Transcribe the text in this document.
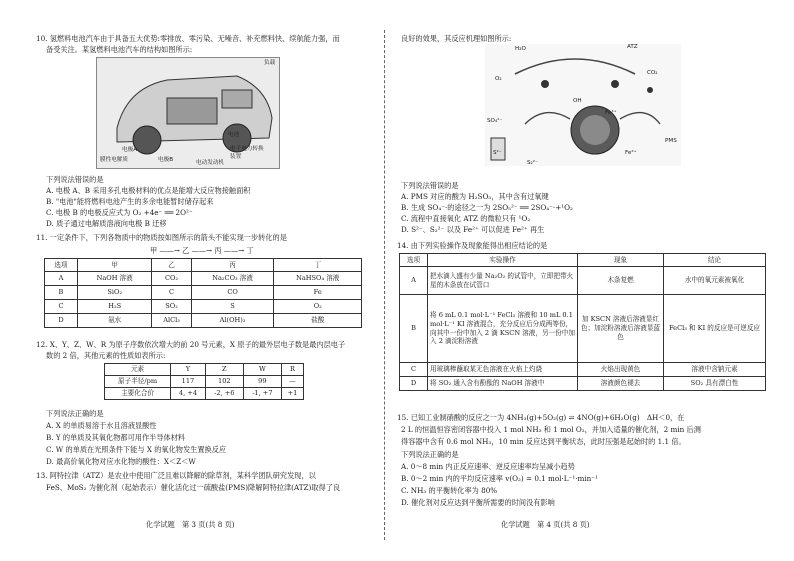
10. 氢燃料电池汽车由于具备五大优势:零排放、零污染、无噪音、补充燃料快、续航能力强，而
备受关注。某氢燃料电池汽车的结构如图所示:
负载
电池
电极A
膜性电解质	电极B	电动发动机
电子电力转换装置
下列说法错误的是
A. 电极 A、B 采用多孔电极材料的优点是能增大反应物接触面积
B. "电池"能将燃料电池产生的多余电能暂时储存起来
C. 电极 B 的电极反应式为 O₂ +4e⁻ ══ 2O²⁻
D. 质子通过电解质溶液向电极 B 迁移
11. 一定条件下，下列各物质中的物质按如图所示的箭头不能实现一步转化的是
甲 ——→ 乙 ——→ 丙 ——→ 丁
选项	甲	乙	丙	丁
A	NaOH 溶液	CO₂	Na₂CO₃ 溶液	NaHSO₄ 溶液
B	SiO₂	C	CO	Fe
C	H₂S	SO₂	S	O₂
D	氨水	AlCl₃	Al(OH)₃	盐酸
12. X、Y、Z、W、R 为原子序数依次增大的前 20 号元素，X 原子的最外层电子数是最内层电子
数的 2 倍，其他元素的性质如表所示:
元素	Y	Z	W	R
原子半径/pm	117	102	99	—
主要化合价	4, +4	-2, +6	-1, +7	+1
下列说法正确的是
A. X 的单质易溶于水且溶液显酸性
B. Y 的单质及其氧化物都可用作半导体材料
C. W 的单质在光照条件下能与 X 的氧化物发生置换反应
D. 最高价氧化物对应水化物的酸性：X＜Z＜W
13. 阿特拉津（ATZ）是农业中使用广泛且难以降解的除草剂，某科学团队研究发现，以
FeS、MoS₂ 为催化剂（起始表示）催化活化过一硫酸盐(PMS)降解阿特拉津(ATZ)取得了良
化学试题　第 3 页(共 8 页)
良好的效果，其反应机理如图所示:
H₂O	ATZ
CO₂
O₂
SO₄²⁻
PMS
S²⁻
Fe³⁺
Fe²⁺
S₂²⁻
OH
下列说法错误的是
A. PMS 对应的酸为 H₂SO₅，其中含有过氧键
B. 生成 SO₄⁻·的途径之一为 2SO₅²⁻ ══ 2SO₄⁻·+¹O₂
C. 流程中直接氧化 ATZ 的微粒只有 ¹O₂
D. S²⁻、S₂²⁻ 以及 Fe²⁺ 可以促进 Fe²⁺ 再生
14. 由下列实验操作及现象能得出相应结论的是
选项	实验操作	现象	结论
A	把水滴入盛有少量 Na₂O₂ 的试管中，立即把带火星的木条放在试管口	木条复燃	水中的氧元素被氧化
B	将 6 mL 0.1 mol·L⁻¹ FeCl₃ 溶液和 10 mL 0.1 mol·L⁻¹ KI 溶液混合，充分反应后分成两等份，向其中一份中加入 2 滴 KSCN 溶液，另一份中加入 2 滴淀粉溶液	加 KSCN 溶液后溶液显红色；加淀粉溶液后溶液显蓝色	FeCl₃ 和 KI 的反应是可逆反应
C	用玻璃棒蘸取某无色溶液在火焰上灼烧	火焰出现黄色	溶液中含钠元素
D	将 SO₂ 通入含有酚酞的 NaOH 溶液中	溶液颜色褪去	SO₂ 具有漂白性
15. 已知工业制硝酸的反应之一为 4NH₃(g)+5O₂(g) ⇌ 4NO(g)+6H₂O(g)　ΔH＜0，在
2 L 的恒温恒容密闭容器中投入 1 mol NH₃ 和 1 mol O₂，并加入适量的催化剂，2 min 后测
得容器中含有 0.6 mol NH₃，10 min 反应达到平衡状态，此时压强是起始时的 1.1 倍。
下列说法正确的是
A. 0～8 min 内正反应速率、逆反应速率均呈减小趋势
B. 0～2 min 内的平均反应速率 v(O₂) = 0.1 mol·L⁻¹·min⁻¹
C. NH₃ 的平衡转化率为 80%
D. 催化剂对反应达到平衡所需要的时间没有影响
化学试题　第 4 页(共 8 页)
